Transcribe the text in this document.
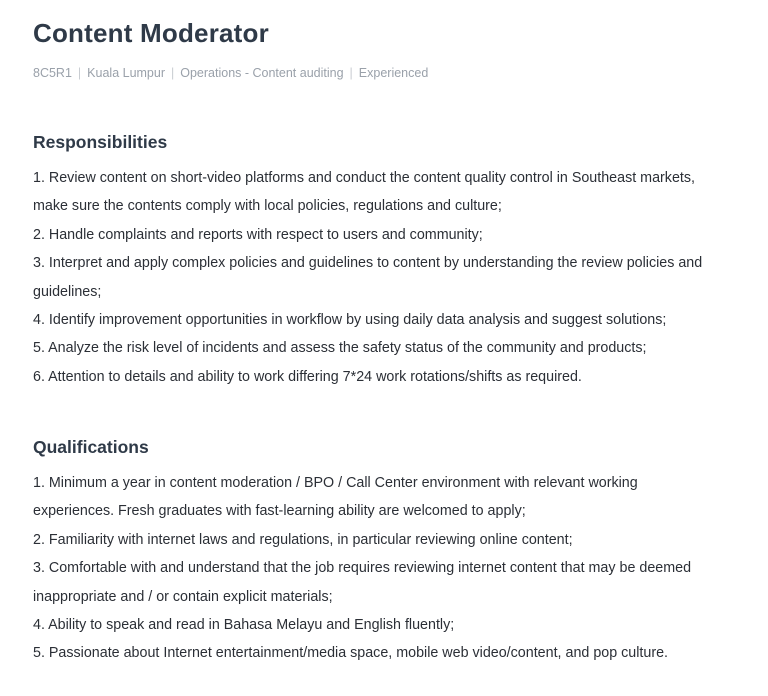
Content Moderator
8C5R1 | Kuala Lumpur | Operations - Content auditing | Experienced
Responsibilities
1. Review content on short-video platforms and conduct the content quality control in Southeast markets, make sure the contents comply with local policies, regulations and culture;
2. Handle complaints and reports with respect to users and community;
3. Interpret and apply complex policies and guidelines to content by understanding the review policies and guidelines;
4. Identify improvement opportunities in workflow by using daily data analysis and suggest solutions;
5. Analyze the risk level of incidents and assess the safety status of the community and products;
6. Attention to details and ability to work differing 7*24 work rotations/shifts as required.
Qualifications
1. Minimum a year in content moderation / BPO / Call Center environment with relevant working experiences. Fresh graduates with fast-learning ability are welcomed to apply;
2. Familiarity with internet laws and regulations, in particular reviewing online content;
3. Comfortable with and understand that the job requires reviewing internet content that may be deemed inappropriate and / or contain explicit materials;
4. Ability to speak and read in Bahasa Melayu and English fluently;
5. Passionate about Internet entertainment/media space, mobile web video/content, and pop culture.
